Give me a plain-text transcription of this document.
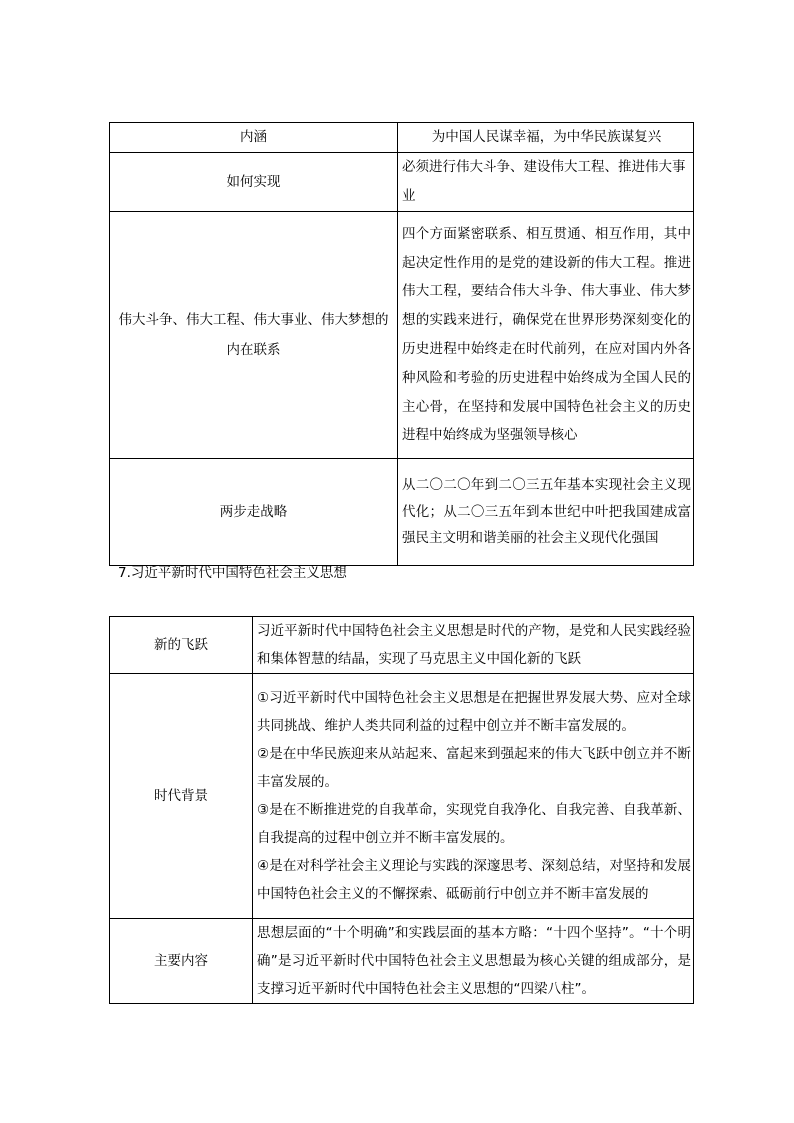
内涵	为中国人民谋幸福，为中华民族谋复兴
如何实现	必须进行伟大斗争、建设伟大工程、推进伟大事业
伟大斗争、伟大工程、伟大事业、伟大梦想的内在联系	四个方面紧密联系、相互贯通、相互作用，其中起决定性作用的是党的建设新的伟大工程。推进伟大工程，要结合伟大斗争、伟大事业、伟大梦想的实践来进行，确保党在世界形势深刻变化的历史进程中始终走在时代前列，在应对国内外各种风险和考验的历史进程中始终成为全国人民的主心骨，在坚持和发展中国特色社会主义的历史进程中始终成为坚强领导核心
两步走战略	从二〇二〇年到二〇三五年基本实现社会主义现代化；从二〇三五年到本世纪中叶把我国建成富强民主文明和谐美丽的社会主义现代化强国
7.习近平新时代中国特色社会主义思想
新的飞跃	习近平新时代中国特色社会主义思想是时代的产物，是党和人民实践经验和集体智慧的结晶，实现了马克思主义中国化新的飞跃

时代背景	①习近平新时代中国特色社会主义思想是在把握世界发展大势、应对全球共同挑战、维护人类共同利益的过程中创立并不断丰富发展的。
②是在中华民族迎来从站起来、富起来到强起来的伟大飞跃中创立并不断丰富发展的。
③是在不断推进党的自我革命，实现党自我净化、自我完善、自我革新、自我提高的过程中创立并不断丰富发展的。
④是在对科学社会主义理论与实践的深邃思考、深刻总结，对坚持和发展中国特色社会主义的不懈探索、砥砺前行中创立并不断丰富发展的

主要内容	思想层面的“十个明确”和实践层面的基本方略：“十四个坚持”。“十个明确”是习近平新时代中国特色社会主义思想最为核心关键的组成部分，是支撑习近平新时代中国特色社会主义思想的“四梁八柱”。
